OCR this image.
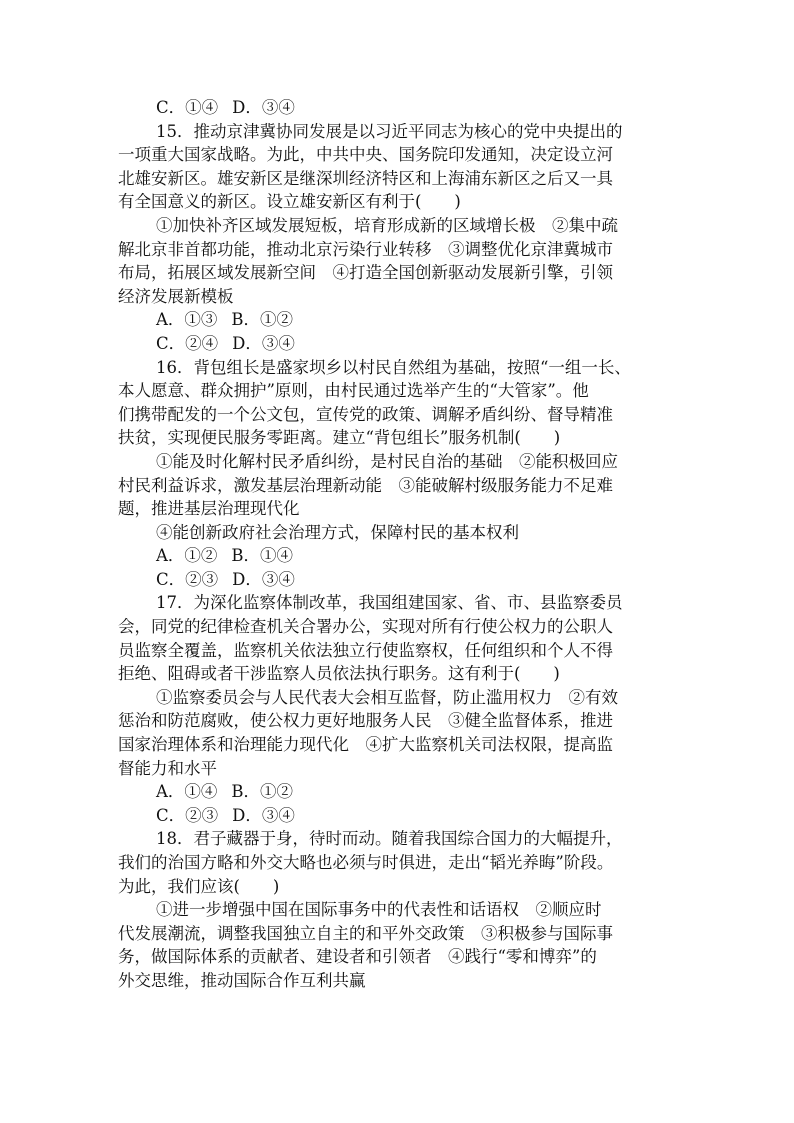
C．①④ D．③④
15．推动京津冀协同发展是以习近平同志为核心的党中央提出的
一项重大国家战略。为此，中共中央、国务院印发通知，决定设立河
北雄安新区。雄安新区是继深圳经济特区和上海浦东新区之后又一具
有全国意义的新区。设立雄安新区有利于(　　)
①加快补齐区域发展短板，培育形成新的区域增长极　②集中疏
解北京非首都功能，推动北京污染行业转移　③调整优化京津冀城市
布局，拓展区域发展新空间　④打造全国创新驱动发展新引擎，引领
经济发展新模板
A．①③ B．①②
C．②④ D．③④
16．背包组长是盛家坝乡以村民自然组为基础，按照“一组一长、
本人愿意、群众拥护”原则，由村民通过选举产生的“大管家”。他
们携带配发的一个公文包，宣传党的政策、调解矛盾纠纷、督导精准
扶贫，实现便民服务零距离。建立“背包组长”服务机制(　　)
①能及时化解村民矛盾纠纷，是村民自治的基础　②能积极回应
村民利益诉求，激发基层治理新动能　③能破解村级服务能力不足难
题，推进基层治理现代化
④能创新政府社会治理方式，保障村民的基本权利
A．①② B．①④
C．②③ D．③④
17．为深化监察体制改革，我国组建国家、省、市、县监察委员
会，同党的纪律检查机关合署办公，实现对所有行使公权力的公职人
员监察全覆盖，监察机关依法独立行使监察权，任何组织和个人不得
拒绝、阻碍或者干涉监察人员依法执行职务。这有利于(　　)
①监察委员会与人民代表大会相互监督，防止滥用权力　②有效
惩治和防范腐败，使公权力更好地服务人民　③健全监督体系，推进
国家治理体系和治理能力现代化　④扩大监察机关司法权限，提高监
督能力和水平
A．①④ B．①②
C．②③ D．③④
18．君子藏器于身，待时而动。随着我国综合国力的大幅提升，
我们的治国方略和外交大略也必须与时俱进，走出“韬光养晦”阶段。
为此，我们应该(　　)
①进一步增强中国在国际事务中的代表性和话语权　②顺应时
代发展潮流，调整我国独立自主的和平外交政策　③积极参与国际事
务，做国际体系的贡献者、建设者和引领者　④践行“零和博弈”的
外交思维，推动国际合作互利共赢
